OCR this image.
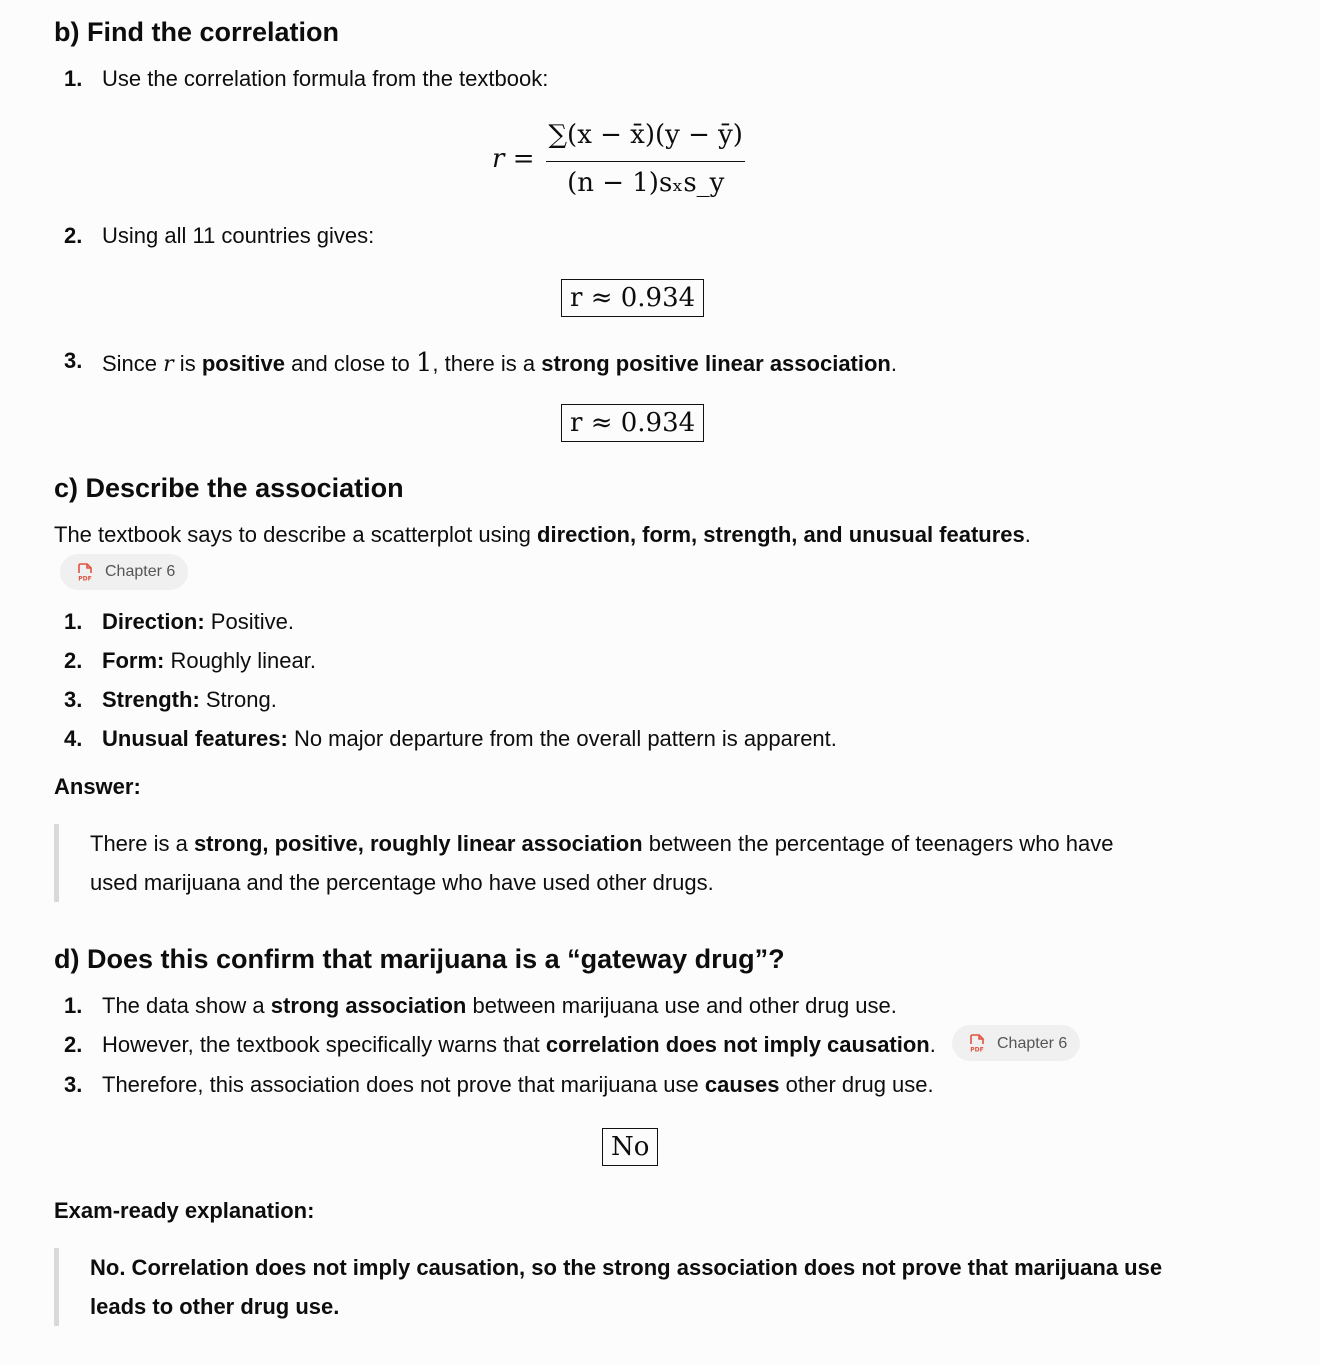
b) Find the correlation
1. Use the correlation formula from the textbook:
$r = \frac{\sum(x - x̄)(y - ȳ)}{\text{(n − 1)sₓs\_y}}$
2. Using all 11 countries gives:
r ≈ 0.934
3. Since r is positive and close to 1, there is a strong positive linear association.
r ≈ 0.934
c) Describe the association

The textbook says to describe a scatterplot using direction, form, strength, and unusual features.

PDF Chapter 6
1. Direction: Positive.
2. Form: Roughly linear.
3. Strength: Strong.
4. Unusual features: No major departure from the overall pattern is apparent.
Answer:
There is a strong, positive, roughly linear association between the percentage of teenagers who have used marijuana and the percentage who have used other drugs.
d) Does this confirm that marijuana is a “gateway drug”?
1. The data show a strong association between marijuana use and other drug use.
2. However, the textbook specifically warns that correlation does not imply causation.	PDF Chapter 6
3. Therefore, this association does not prove that marijuana use causes other drug use.
No
Exam-ready explanation:
No. Correlation does not imply causation, so the strong association does not prove that marijuana use leads to other drug use.
